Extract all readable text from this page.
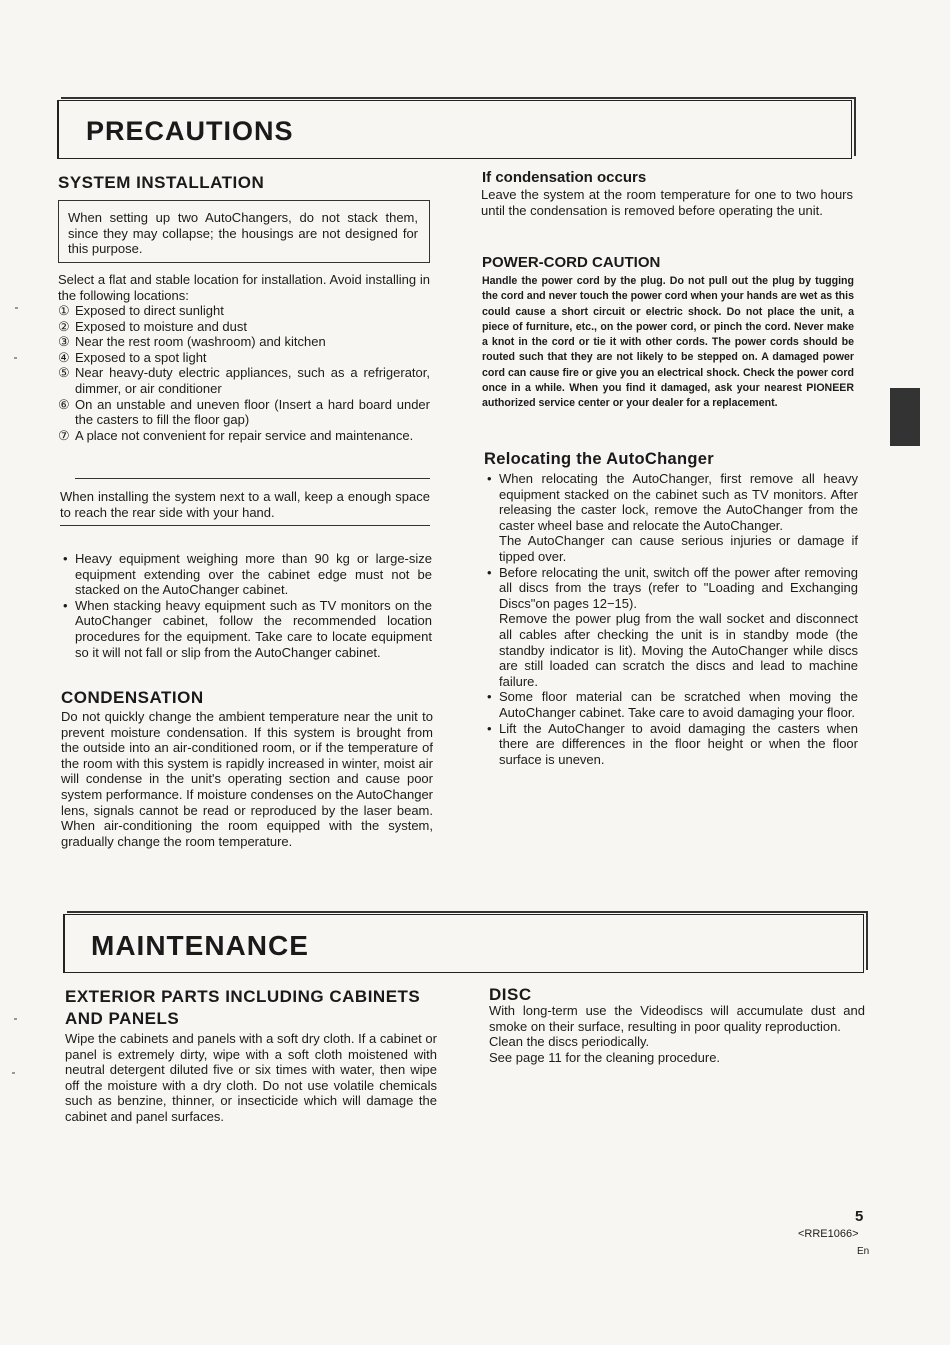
PRECAUTIONS
SYSTEM INSTALLATION
When setting up two AutoChangers, do not stack them, since they may collapse; the housings are not designed for this purpose.
Select a flat and stable location for installation. Avoid installing in the following locations:
① Exposed to direct sunlight
② Exposed to moisture and dust
③ Near the rest room (washroom) and kitchen
④ Exposed to a spot light
⑤ Near heavy-duty electric appliances, such as a refrigerator, dimmer, or air conditioner
⑥ On an unstable and uneven floor (Insert a hard board under the casters to fill the floor gap)
⑦ A place not convenient for repair service and maintenance.
When installing the system next to a wall, keep a enough space to reach the rear side with your hand.
• Heavy equipment weighing more than 90 kg or large-size equipment extending over the cabinet edge must not be stacked on the AutoChanger cabinet.
• When stacking heavy equipment such as TV monitors on the AutoChanger cabinet, follow the recommended location procedures for the equipment. Take care to locate equipment so it will not fall or slip from the AutoChanger cabinet.
CONDENSATION
Do not quickly change the ambient temperature near the unit to prevent moisture condensation. If this system is brought from the outside into an air-conditioned room, or if the temperature of the room with this system is rapidly increased in winter, moist air will condense in the unit's operating section and cause poor system performance. If moisture condenses on the AutoChanger lens, signals cannot be read or reproduced by the laser beam. When air-conditioning the room equipped with the system, gradually change the room temperature.
If condensation occurs
Leave the system at the room temperature for one to two hours until the condensation is removed before operating the unit.
POWER-CORD CAUTION
Handle the power cord by the plug. Do not pull out the plug by tugging the cord and never touch the power cord when your hands are wet as this could cause a short circuit or electric shock. Do not place the unit, a piece of furniture, etc., on the power cord, or pinch the cord. Never make a knot in the cord or tie it with other cords. The power cords should be routed such that they are not likely to be stepped on. A damaged power cord can cause fire or give you an electrical shock. Check the power cord once in a while. When you find it damaged, ask your nearest PIONEER authorized service center or your dealer for a replacement.
Relocating the AutoChanger
• When relocating the AutoChanger, first remove all heavy equipment stacked on the cabinet such as TV monitors. After releasing the caster lock, remove the AutoChanger from the caster wheel base and relocate the AutoChanger.
The AutoChanger can cause serious injuries or damage if tipped over.
• Before relocating the unit, switch off the power after removing all discs from the trays (refer to "Loading and Exchanging Discs"on pages 12−15).
Remove the power plug from the wall socket and disconnect all cables after checking the unit is in standby mode (the standby indicator is lit). Moving the AutoChanger while discs are still loaded can scratch the discs and lead to machine failure.
• Some floor material can be scratched when moving the AutoChanger cabinet. Take care to avoid damaging your floor.
• Lift the AutoChanger to avoid damaging the casters when there are differences in the floor height or when the floor surface is uneven.
MAINTENANCE
EXTERIOR PARTS INCLUDING CABINETS AND PANELS
Wipe the cabinets and panels with a soft dry cloth. If a cabinet or panel is extremely dirty, wipe with a soft cloth moistened with neutral detergent diluted five or six times with water, then wipe off the moisture with a dry cloth. Do not use volatile chemicals such as benzine, thinner, or insecticide which will damage the cabinet and panel surfaces.
DISC
With long-term use the Videodiscs will accumulate dust and smoke on their surface, resulting in poor quality reproduction.
Clean the discs periodically.
See page 11 for the cleaning procedure.
5
<RRE1066>
En
